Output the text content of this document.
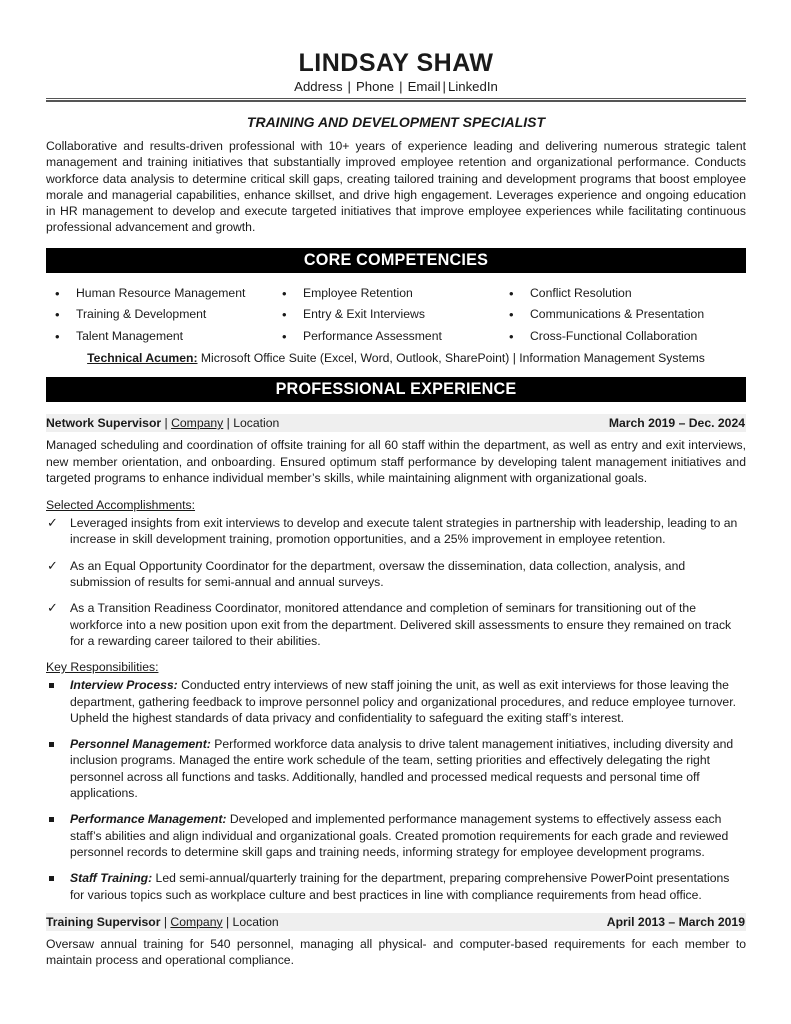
LINDSAY SHAW
Address | Phone | Email | LinkedIn
TRAINING AND DEVELOPMENT SPECIALIST

Collaborative and results-driven professional with 10+ years of experience leading and delivering numerous strategic talent management and training initiatives that substantially improved employee retention and organizational performance. Conducts workforce data analysis to determine critical skill gaps, creating tailored training and development programs that boost employee morale and managerial capabilities, enhance skillset, and drive high engagement. Leverages experience and ongoing education in HR management to develop and execute targeted initiatives that improve employee experiences while facilitating continuous professional advancement and growth.

CORE COMPETENCIES
• Human Resource Management
• Training & Development
• Talent Management
• Employee Retention
• Entry & Exit Interviews
• Performance Assessment
• Conflict Resolution
• Communications & Presentation
• Cross-Functional Collaboration
Technical Acumen: Microsoft Office Suite (Excel, Word, Outlook, SharePoint) | Information Management Systems
PROFESSIONAL EXPERIENCE
Network Supervisor | Company | Location	March 2019 – Dec. 2024

Managed scheduling and coordination of offsite training for all 60 staff within the department, as well as entry and exit interviews, new member orientation, and onboarding. Ensured optimum staff performance by developing talent management initiatives and targeted programs to enhance individual member’s skills, while maintaining alignment with organizational goals.

Selected Accomplishments:
✓ Leveraged insights from exit interviews to develop and execute talent strategies in partnership with leadership, leading to an increase in skill development training, promotion opportunities, and a 25% improvement in employee retention.
✓ As an Equal Opportunity Coordinator for the department, oversaw the dissemination, data collection, analysis, and submission of results for semi-annual and annual surveys.
✓ As a Transition Readiness Coordinator, monitored attendance and completion of seminars for transitioning out of the workforce into a new position upon exit from the department. Delivered skill assessments to ensure they remained on track for a rewarding career tailored to their abilities.
Key Responsibilities:
Interview Process: Conducted entry interviews of new staff joining the unit, as well as exit interviews for those leaving the department, gathering feedback to improve personnel policy and organizational procedures, and reduce employee turnover. Upheld the highest standards of data privacy and confidentiality to safeguard the exiting staff’s interest.
Personnel Management: Performed workforce data analysis to drive talent management initiatives, including diversity and inclusion programs. Managed the entire work schedule of the team, setting priorities and effectively delegating the right personnel across all functions and tasks. Additionally, handled and processed medical requests and personal time off applications.
Performance Management: Developed and implemented performance management systems to effectively assess each staff’s abilities and align individual and organizational goals. Created promotion requirements for each grade and reviewed personnel records to determine skill gaps and training needs, informing strategy for employee development programs.
Staff Training: Led semi-annual/quarterly training for the department, preparing comprehensive PowerPoint presentations for various topics such as workplace culture and best practices in line with compliance requirements from head office.
Training Supervisor | Company | Location	April 2013 – March 2019

Oversaw annual training for 540 personnel, managing all physical- and computer-based requirements for each member to maintain process and operational compliance.
